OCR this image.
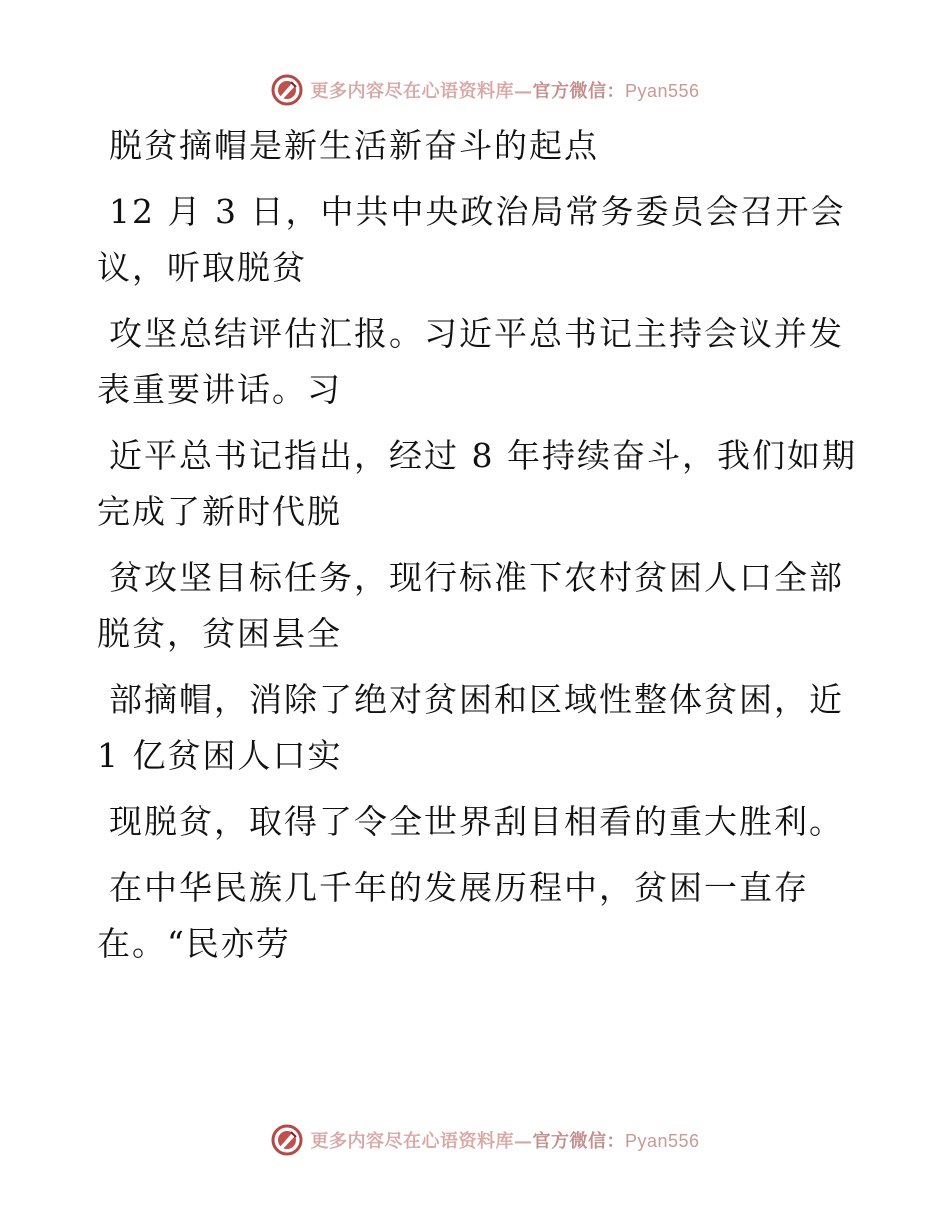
更多内容尽在心语资料库—官方微信：Pyan556
脱贫摘帽是新生活新奋斗的起点
12 月 3 日，中共中央政治局常务委员会召开会
议，听取脱贫
攻坚总结评估汇报。习近平总书记主持会议并发
表重要讲话。习
近平总书记指出，经过 8 年持续奋斗，我们如期
完成了新时代脱
贫攻坚目标任务，现行标准下农村贫困人口全部
脱贫，贫困县全
部摘帽，消除了绝对贫困和区域性整体贫困，近
1 亿贫困人口实
现脱贫，取得了令全世界刮目相看的重大胜利。
在中华民族几千年的发展历程中，贫困一直存
在。“民亦劳
更多内容尽在心语资料库—官方微信：Pyan556
